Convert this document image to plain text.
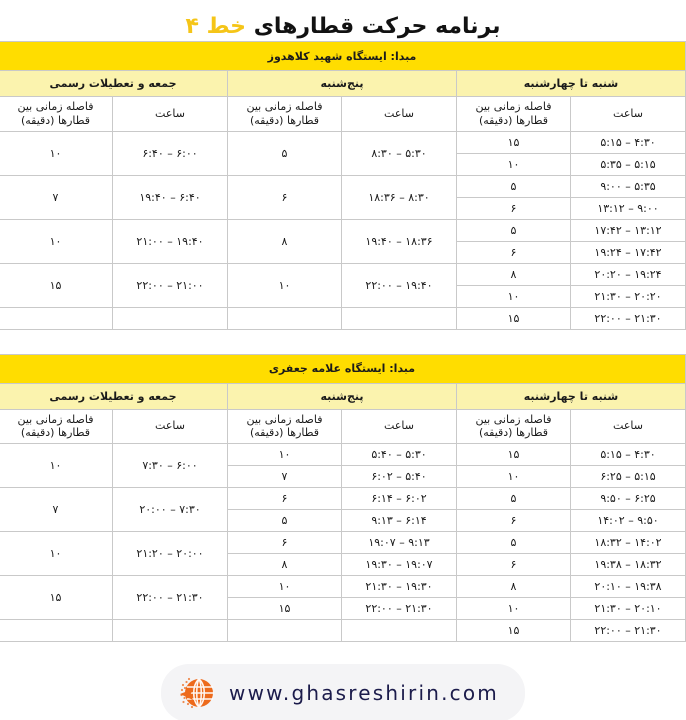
برنامه حرکت قطارهای خط ۴
مبدا: ایستگاه شهید کلاهدوز					
شنبه تا چهارشنبه		پنج‌شنبه		جمعه و تعطیلات رسمی	
ساعت	فاصله زمانی بین قطارها (دقیقه)	ساعت	فاصله زمانی بین قطارها (دقیقه)	ساعت	فاصله زمانی بین قطارها (دقیقه)
۴:۳۰ – ۵:۱۵	۱۵	۵:۳۰ – ۸:۳۰	۵	۶:۰۰ – ۶:۴۰	۱۰
۵:۱۵ – ۵:۳۵	۱۰				
۵:۳۵ – ۹:۰۰	۵	۸:۳۰ – ۱۸:۳۶	۶	۶:۴۰ – ۱۹:۴۰	۷
۹:۰۰ – ۱۳:۱۲	۶				
۱۳:۱۲ – ۱۷:۴۲	۵	۱۸:۳۶ – ۱۹:۴۰	۸	۱۹:۴۰ – ۲۱:۰۰	۱۰
۱۷:۴۲ – ۱۹:۲۴	۶				
۱۹:۲۴ – ۲۰:۲۰	۸	۱۹:۴۰ – ۲۲:۰۰	۱۰	۲۱:۰۰ – ۲۲:۰۰	۱۵
۲۰:۲۰ – ۲۱:۳۰	۱۰				
۲۱:۳۰ – ۲۲:۰۰	۱۵				
مبدا: ایستگاه علامه جعفری					
شنبه تا چهارشنبه		پنج‌شنبه		جمعه و تعطیلات رسمی	
ساعت	فاصله زمانی بین قطارها (دقیقه)	ساعت	فاصله زمانی بین قطارها (دقیقه)	ساعت	فاصله زمانی بین قطارها (دقیقه)
۴:۳۰ – ۵:۱۵	۱۵	۵:۳۰ – ۵:۴۰	۱۰	۶:۰۰ – ۷:۳۰	۱۰
۵:۱۵ – ۶:۲۵	۱۰	۵:۴۰ – ۶:۰۲	۷		
۶:۲۵ – ۹:۵۰	۵	۶:۰۲ – ۶:۱۴	۶	۷:۳۰ – ۲۰:۰۰	۷
۹:۵۰ – ۱۴:۰۲	۶	۶:۱۴ – ۹:۱۳	۵		
۱۴:۰۲ – ۱۸:۳۲	۵	۹:۱۳ – ۱۹:۰۷	۶	۲۰:۰۰ – ۲۱:۲۰	۱۰
۱۸:۳۲ – ۱۹:۳۸	۶	۱۹:۰۷ – ۱۹:۳۰	۸		
۱۹:۳۸ – ۲۰:۱۰	۸	۱۹:۳۰ – ۲۱:۳۰	۱۰	۲۱:۳۰ – ۲۲:۰۰	۱۵
۲۰:۱۰ – ۲۱:۳۰	۱۰	۲۱:۳۰ – ۲۲:۰۰	۱۵		
۲۱:۳۰ – ۲۲:۰۰	۱۵				
www.ghasreshirin.com
